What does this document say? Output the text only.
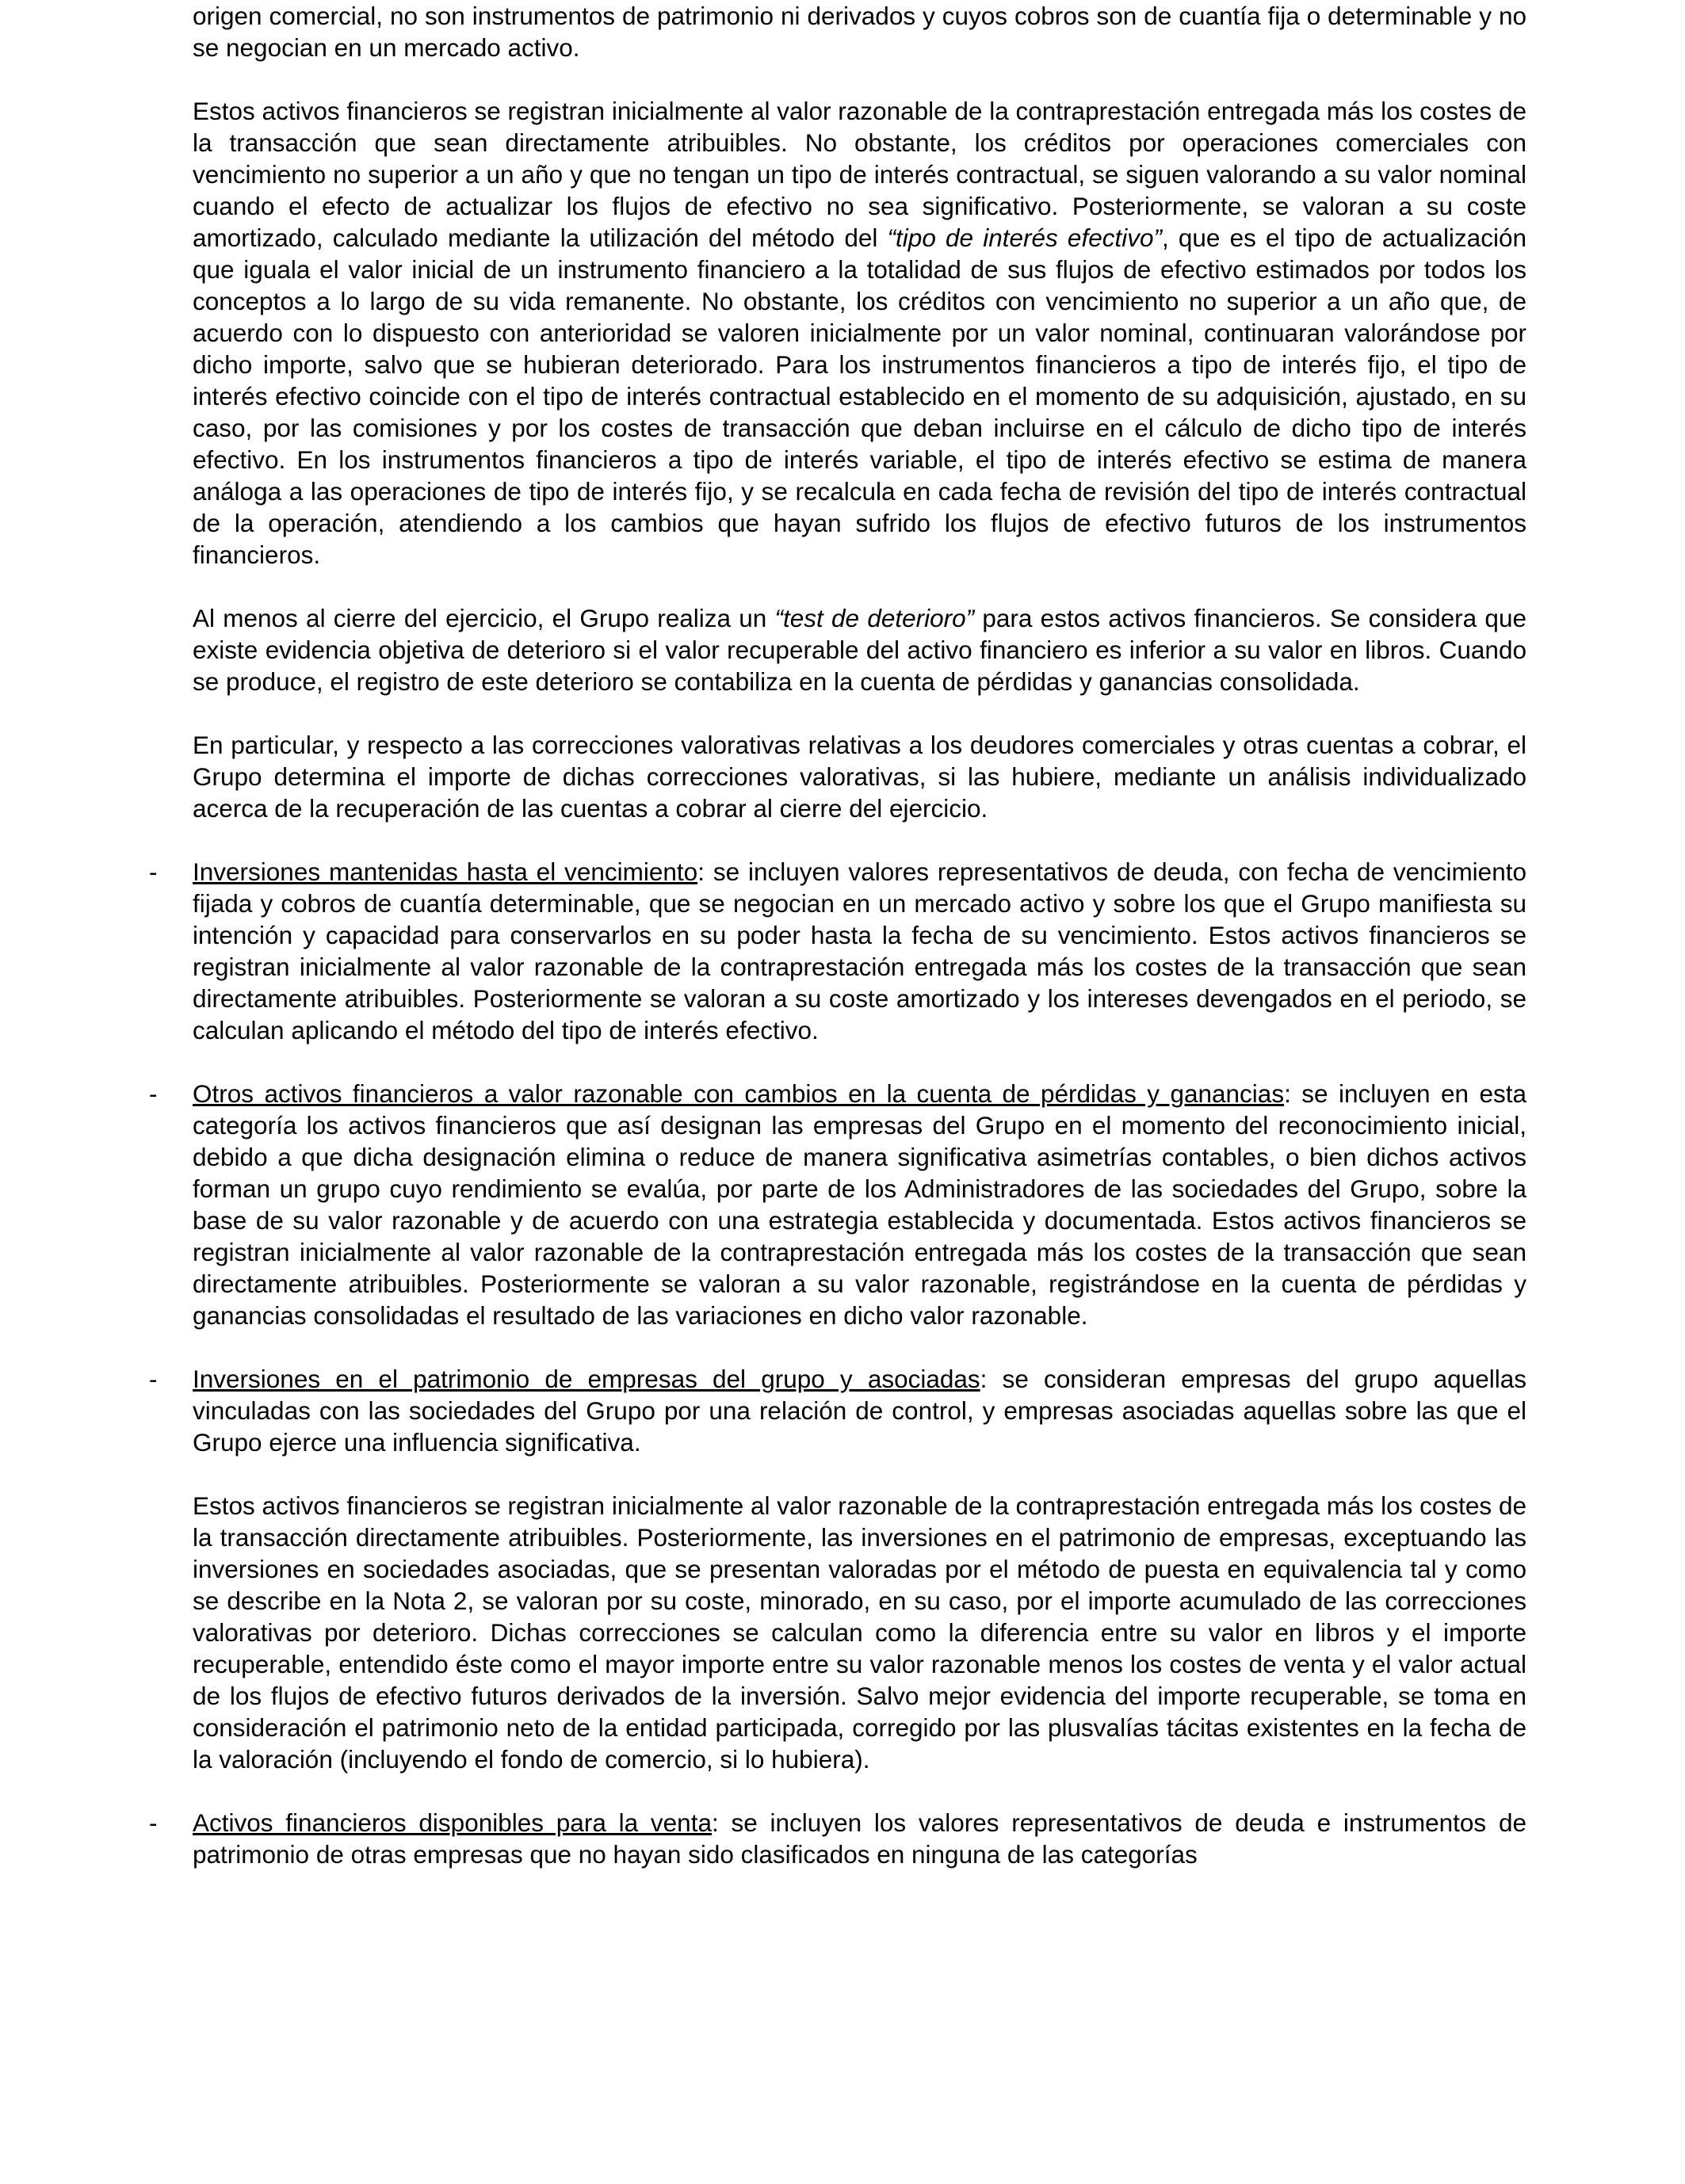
origen comercial, no son instrumentos de patrimonio ni derivados y cuyos cobros son de cuantía fija o determinable y no se negocian en un mercado activo.

Estos activos financieros se registran inicialmente al valor razonable de la contraprestación entregada más los costes de la transacción que sean directamente atribuibles. No obstante, los créditos por operaciones comerciales con vencimiento no superior a un año y que no tengan un tipo de interés contractual, se siguen valorando a su valor nominal cuando el efecto de actualizar los flujos de efectivo no sea significativo. Posteriormente, se valoran a su coste amortizado, calculado mediante la utilización del método del “tipo de interés efectivo”, que es el tipo de actualización que iguala el valor inicial de un instrumento financiero a la totalidad de sus flujos de efectivo estimados por todos los conceptos a lo largo de su vida remanente. No obstante, los créditos con vencimiento no superior a un año que, de acuerdo con lo dispuesto con anterioridad se valoren inicialmente por un valor nominal, continuaran valorándose por dicho importe, salvo que se hubieran deteriorado. Para los instrumentos financieros a tipo de interés fijo, el tipo de interés efectivo coincide con el tipo de interés contractual establecido en el momento de su adquisición, ajustado, en su caso, por las comisiones y por los costes de transacción que deban incluirse en el cálculo de dicho tipo de interés efectivo. En los instrumentos financieros a tipo de interés variable, el tipo de interés efectivo se estima de manera análoga a las operaciones de tipo de interés fijo, y se recalcula en cada fecha de revisión del tipo de interés contractual de la operación, atendiendo a los cambios que hayan sufrido los flujos de efectivo futuros de los instrumentos financieros.

Al menos al cierre del ejercicio, el Grupo realiza un “test de deterioro” para estos activos financieros. Se considera que existe evidencia objetiva de deterioro si el valor recuperable del activo financiero es inferior a su valor en libros. Cuando se produce, el registro de este deterioro se contabiliza en la cuenta de pérdidas y ganancias consolidada.

En particular, y respecto a las correcciones valorativas relativas a los deudores comerciales y otras cuentas a cobrar, el Grupo determina el importe de dichas correcciones valorativas, si las hubiere, mediante un análisis individualizado acerca de la recuperación de las cuentas a cobrar al cierre del ejercicio.

- Inversiones mantenidas hasta el vencimiento: se incluyen valores representativos de deuda, con fecha de vencimiento fijada y cobros de cuantía determinable, que se negocian en un mercado activo y sobre los que el Grupo manifiesta su intención y capacidad para conservarlos en su poder hasta la fecha de su vencimiento. Estos activos financieros se registran inicialmente al valor razonable de la contraprestación entregada más los costes de la transacción que sean directamente atribuibles. Posteriormente se valoran a su coste amortizado y los intereses devengados en el periodo, se calculan aplicando el método del tipo de interés efectivo.

- Otros activos financieros a valor razonable con cambios en la cuenta de pérdidas y ganancias: se incluyen en esta categoría los activos financieros que así designan las empresas del Grupo en el momento del reconocimiento inicial, debido a que dicha designación elimina o reduce de manera significativa asimetrías contables, o bien dichos activos forman un grupo cuyo rendimiento se evalúa, por parte de los Administradores de las sociedades del Grupo, sobre la base de su valor razonable y de acuerdo con una estrategia establecida y documentada. Estos activos financieros se registran inicialmente al valor razonable de la contraprestación entregada más los costes de la transacción que sean directamente atribuibles. Posteriormente se valoran a su valor razonable, registrándose en la cuenta de pérdidas y ganancias consolidadas el resultado de las variaciones en dicho valor razonable.

- Inversiones en el patrimonio de empresas del grupo y asociadas: se consideran empresas del grupo aquellas vinculadas con las sociedades del Grupo por una relación de control, y empresas asociadas aquellas sobre las que el Grupo ejerce una influencia significativa.

Estos activos financieros se registran inicialmente al valor razonable de la contraprestación entregada más los costes de la transacción directamente atribuibles. Posteriormente, las inversiones en el patrimonio de empresas, exceptuando las inversiones en sociedades asociadas, que se presentan valoradas por el método de puesta en equivalencia tal y como se describe en la Nota 2, se valoran por su coste, minorado, en su caso, por el importe acumulado de las correcciones valorativas por deterioro. Dichas correcciones se calculan como la diferencia entre su valor en libros y el importe recuperable, entendido éste como el mayor importe entre su valor razonable menos los costes de venta y el valor actual de los flujos de efectivo futuros derivados de la inversión. Salvo mejor evidencia del importe recuperable, se toma en consideración el patrimonio neto de la entidad participada, corregido por las plusvalías tácitas existentes en la fecha de la valoración (incluyendo el fondo de comercio, si lo hubiera).

- Activos financieros disponibles para la venta: se incluyen los valores representativos de deuda e instrumentos de patrimonio de otras empresas que no hayan sido clasificados en ninguna de las categorías
